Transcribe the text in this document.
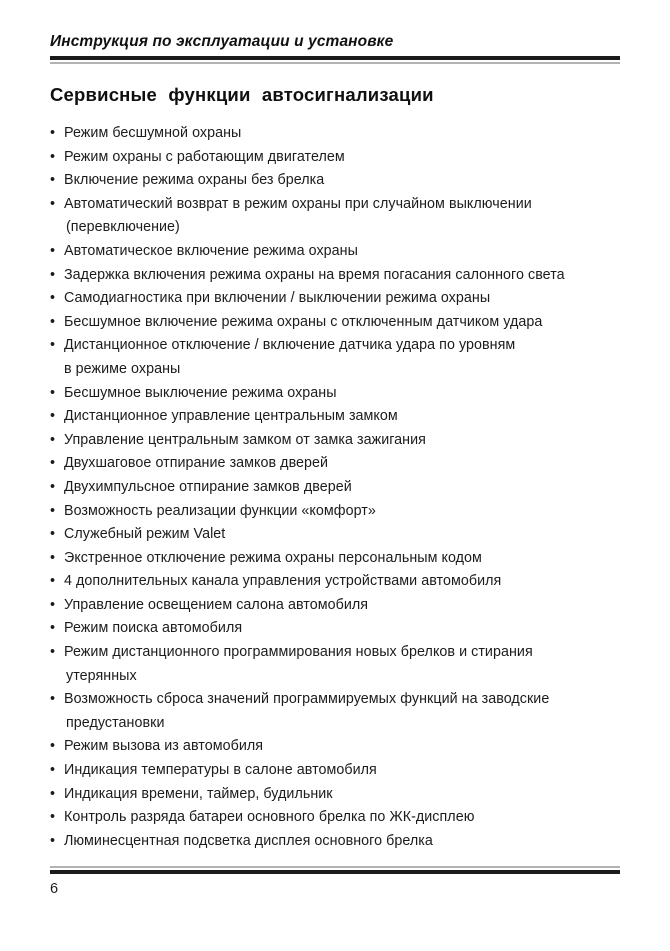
Инструкция по эксплуатации и установке
Сервисные функции автосигнализации
• Режим бесшумной охраны
• Режим охраны с работающим двигателем
• Включение режима охраны без брелка
• Автоматический возврат в режим охраны при случайном выключении
(перевключение)
• Автоматическое включение режима охраны
• Задержка включения режима охраны на время погасания салонного света
• Самодиагностика при включении / выключении режима охраны
• Бесшумное включение режима охраны с отключенным датчиком удара
• Дистанционное отключение / включение датчика удара по уровням
в режиме охраны
• Бесшумное выключение режима охраны
• Дистанционное управление центральным замком
• Управление центральным замком от замка зажигания
• Двухшаговое отпирание замков дверей
• Двухимпульсное отпирание замков дверей
• Возможность реализации функции «комфорт»
• Служебный режим Valet
• Экстренное отключение режима охраны персональным кодом
• 4 дополнительных канала управления устройствами автомобиля
• Управление освещением салона автомобиля
• Режим поиска автомобиля
• Режим дистанционного программирования новых брелков и стирания
утерянных
• Возможность сброса значений программируемых функций на заводские
предустановки
• Режим вызова из автомобиля
• Индикация температуры в салоне автомобиля
• Индикация времени, таймер, будильник
• Контроль разряда батареи основного брелка по ЖК-дисплею
• Люминесцентная подсветка дисплея основного брелка
6
